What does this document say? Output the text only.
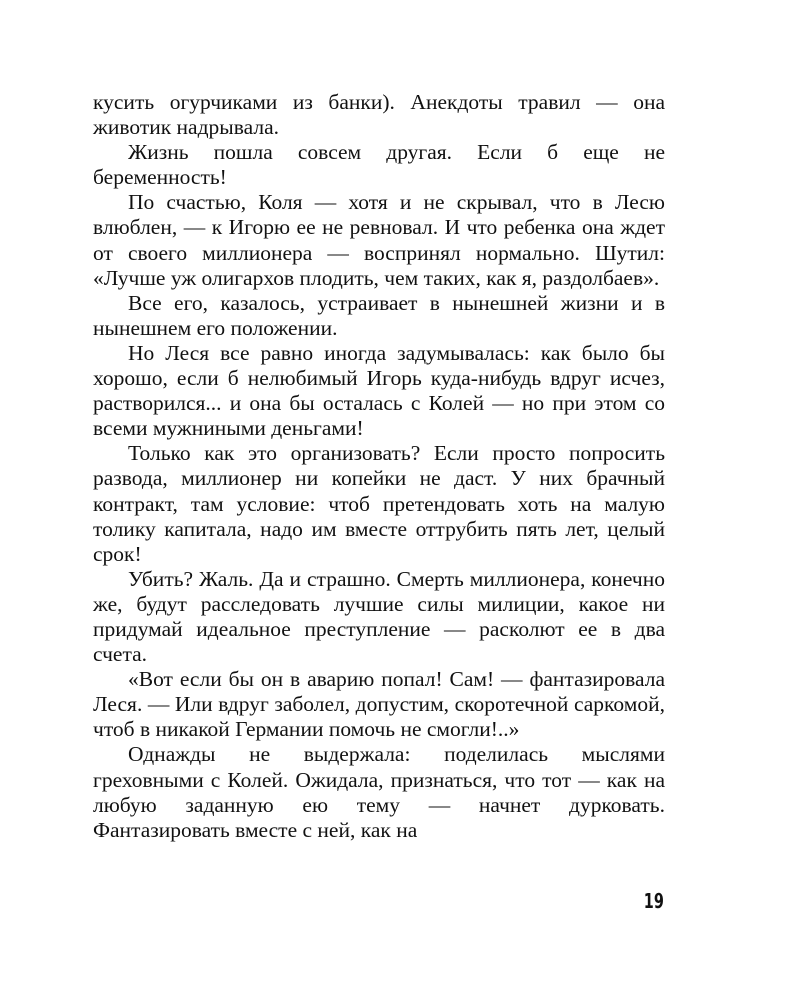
кусить огурчиками из банки). Анекдоты травил — она животик надрывала.

Жизнь пошла совсем другая. Если б еще не беременность!

По счастью, Коля — хотя и не скрывал, что в Лесю влюблен, — к Игорю ее не ревновал. И что ребенка она ждет от своего миллионера — воспринял нормально. Шутил: «Лучше уж олигархов плодить, чем таких, как я, раздолбаев».

Все его, казалось, устраивает в нынешней жизни и в нынешнем его положении.

Но Леся все равно иногда задумывалась: как было бы хорошо, если б нелюбимый Игорь куда-нибудь вдруг исчез, растворился... и она бы осталась с Колей — но при этом со всеми мужниными деньгами!

Только как это организовать? Если просто попросить развода, миллионер ни копейки не даст. У них брачный контракт, там условие: чтоб претендовать хоть на малую толику капитала, надо им вместе оттрубить пять лет, целый срок!

Убить? Жаль. Да и страшно. Смерть миллионера, конечно же, будут расследовать лучшие силы милиции, какое ни придумай идеальное преступление — расколют ее в два счета.

«Вот если бы он в аварию попал! Сам! — фантазировала Леся. — Или вдруг заболел, допустим, скоротечной саркомой, чтоб в никакой Германии помочь не смогли!..»

Однажды не выдержала: поделилась мыслями греховными с Колей. Ожидала, признаться, что тот — как на любую заданную ею тему — начнет дурковать. Фантазировать вместе с ней, как на

19
